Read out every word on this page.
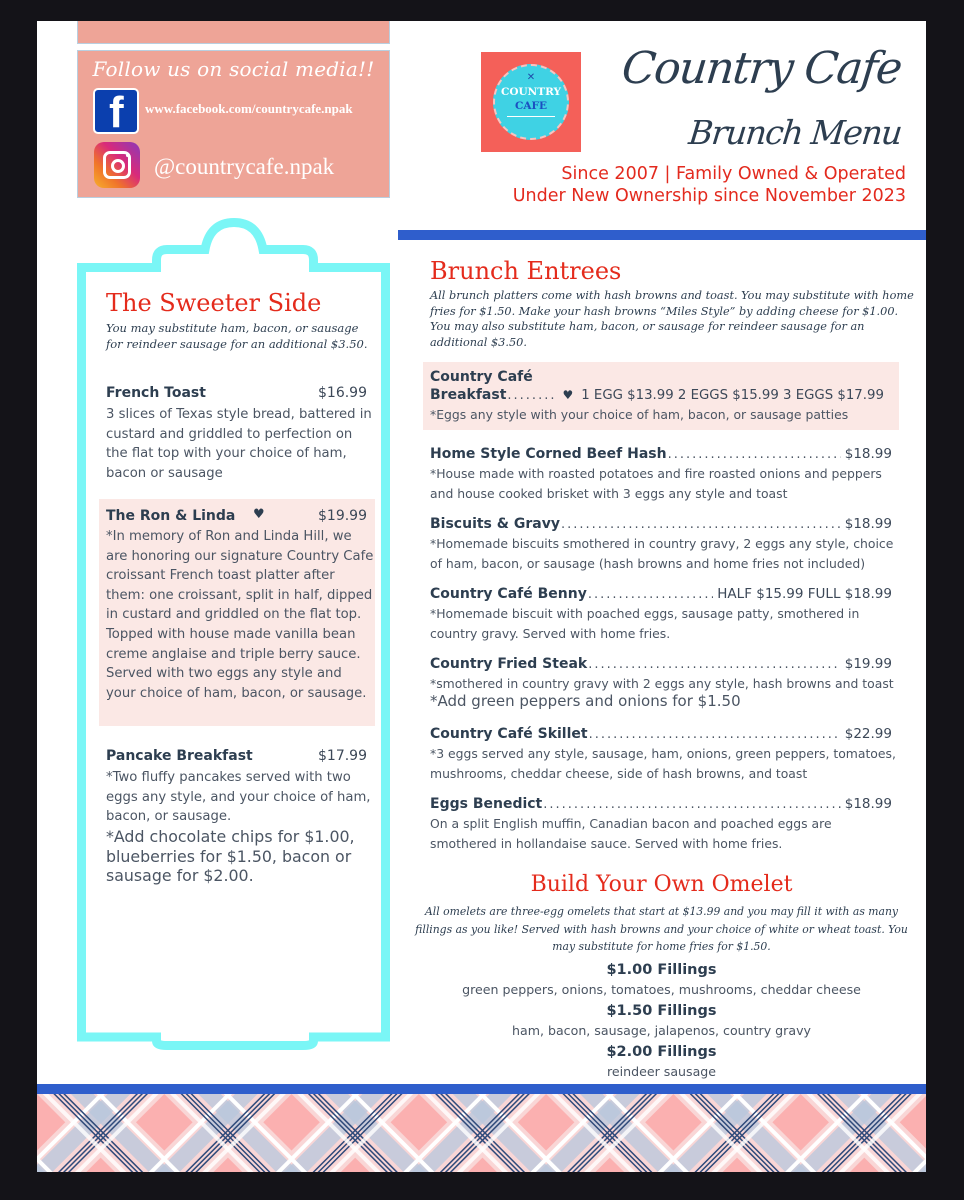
Follow us on social media!!
f www.facebook.com/countrycafe.npak
@countrycafe.npak
✕
COUNTRY
CAFE
Country Cafe
Brunch Menu
Since 2007 | Family Owned & Operated
Under New Ownership since November 2023
The Sweeter Side
You may substitute ham, bacon, or sausage for reindeer sausage for an additional $3.50.
French Toast	$16.99
3 slices of Texas style bread, battered in custard and griddled to perfection on the flat top with your choice of ham, bacon or sausage
The Ron & Linda ♥	$19.99
*In memory of Ron and Linda Hill, we are honoring our signature Country Cafe croissant French toast platter after them: one croissant, split in half, dipped in custard and griddled on the flat top. Topped with house made vanilla bean creme anglaise and triple berry sauce. Served with two eggs any style and your choice of ham, bacon, or sausage.
Pancake Breakfast	$17.99
*Two fluffy pancakes served with two eggs any style, and your choice of ham, bacon, or sausage.
*Add chocolate chips for $1.00, blueberries for $1.50, bacon or sausage for $2.00.
Brunch Entrees
All brunch platters come with hash browns and toast. You may substitute with home fries for $1.50. Make your hash browns “Miles Style” by adding cheese for $1.00. You may also substitute ham, bacon, or sausage for reindeer sausage for an additional $3.50.
Country Café
Breakfast ........ ♥ 1 EGG $13.99 2 EGGS $15.99 3 EGGS $17.99
*Eggs any style with your choice of ham, bacon, or sausage patties
Home Style Corned Beef Hash .....	$18.99
*House made with roasted potatoes and fire roasted onions and peppers and house cooked brisket with 3 eggs any style and toast
Biscuits & Gravy .....	$18.99
*Homemade biscuits smothered in country gravy, 2 eggs any style, choice of ham, bacon, or sausage (hash browns and home fries not included)
Country Café Benny .....	HALF $15.99 FULL $18.99
*Homemade biscuit with poached eggs, sausage patty, smothered in country gravy. Served with home fries.
Country Fried Steak .....	$19.99
*smothered in country gravy with 2 eggs any style, hash browns and toast
*Add green peppers and onions for $1.50
Country Café Skillet .....	$22.99
*3 eggs served any style, sausage, ham, onions, green peppers, tomatoes, mushrooms, cheddar cheese, side of hash browns, and toast
Eggs Benedict .....	$18.99
On a split English muffin, Canadian bacon and poached eggs are smothered in hollandaise sauce. Served with home fries.
Build Your Own Omelet
All omelets are three-egg omelets that start at $13.99 and you may fill it with as many fillings as you like! Served with hash browns and your choice of white or wheat toast. You may substitute for home fries for $1.50.
$1.00 Fillings
green peppers, onions, tomatoes, mushrooms, cheddar cheese
$1.50 Fillings
ham, bacon, sausage, jalapenos, country gravy
$2.00 Fillings
reindeer sausage
